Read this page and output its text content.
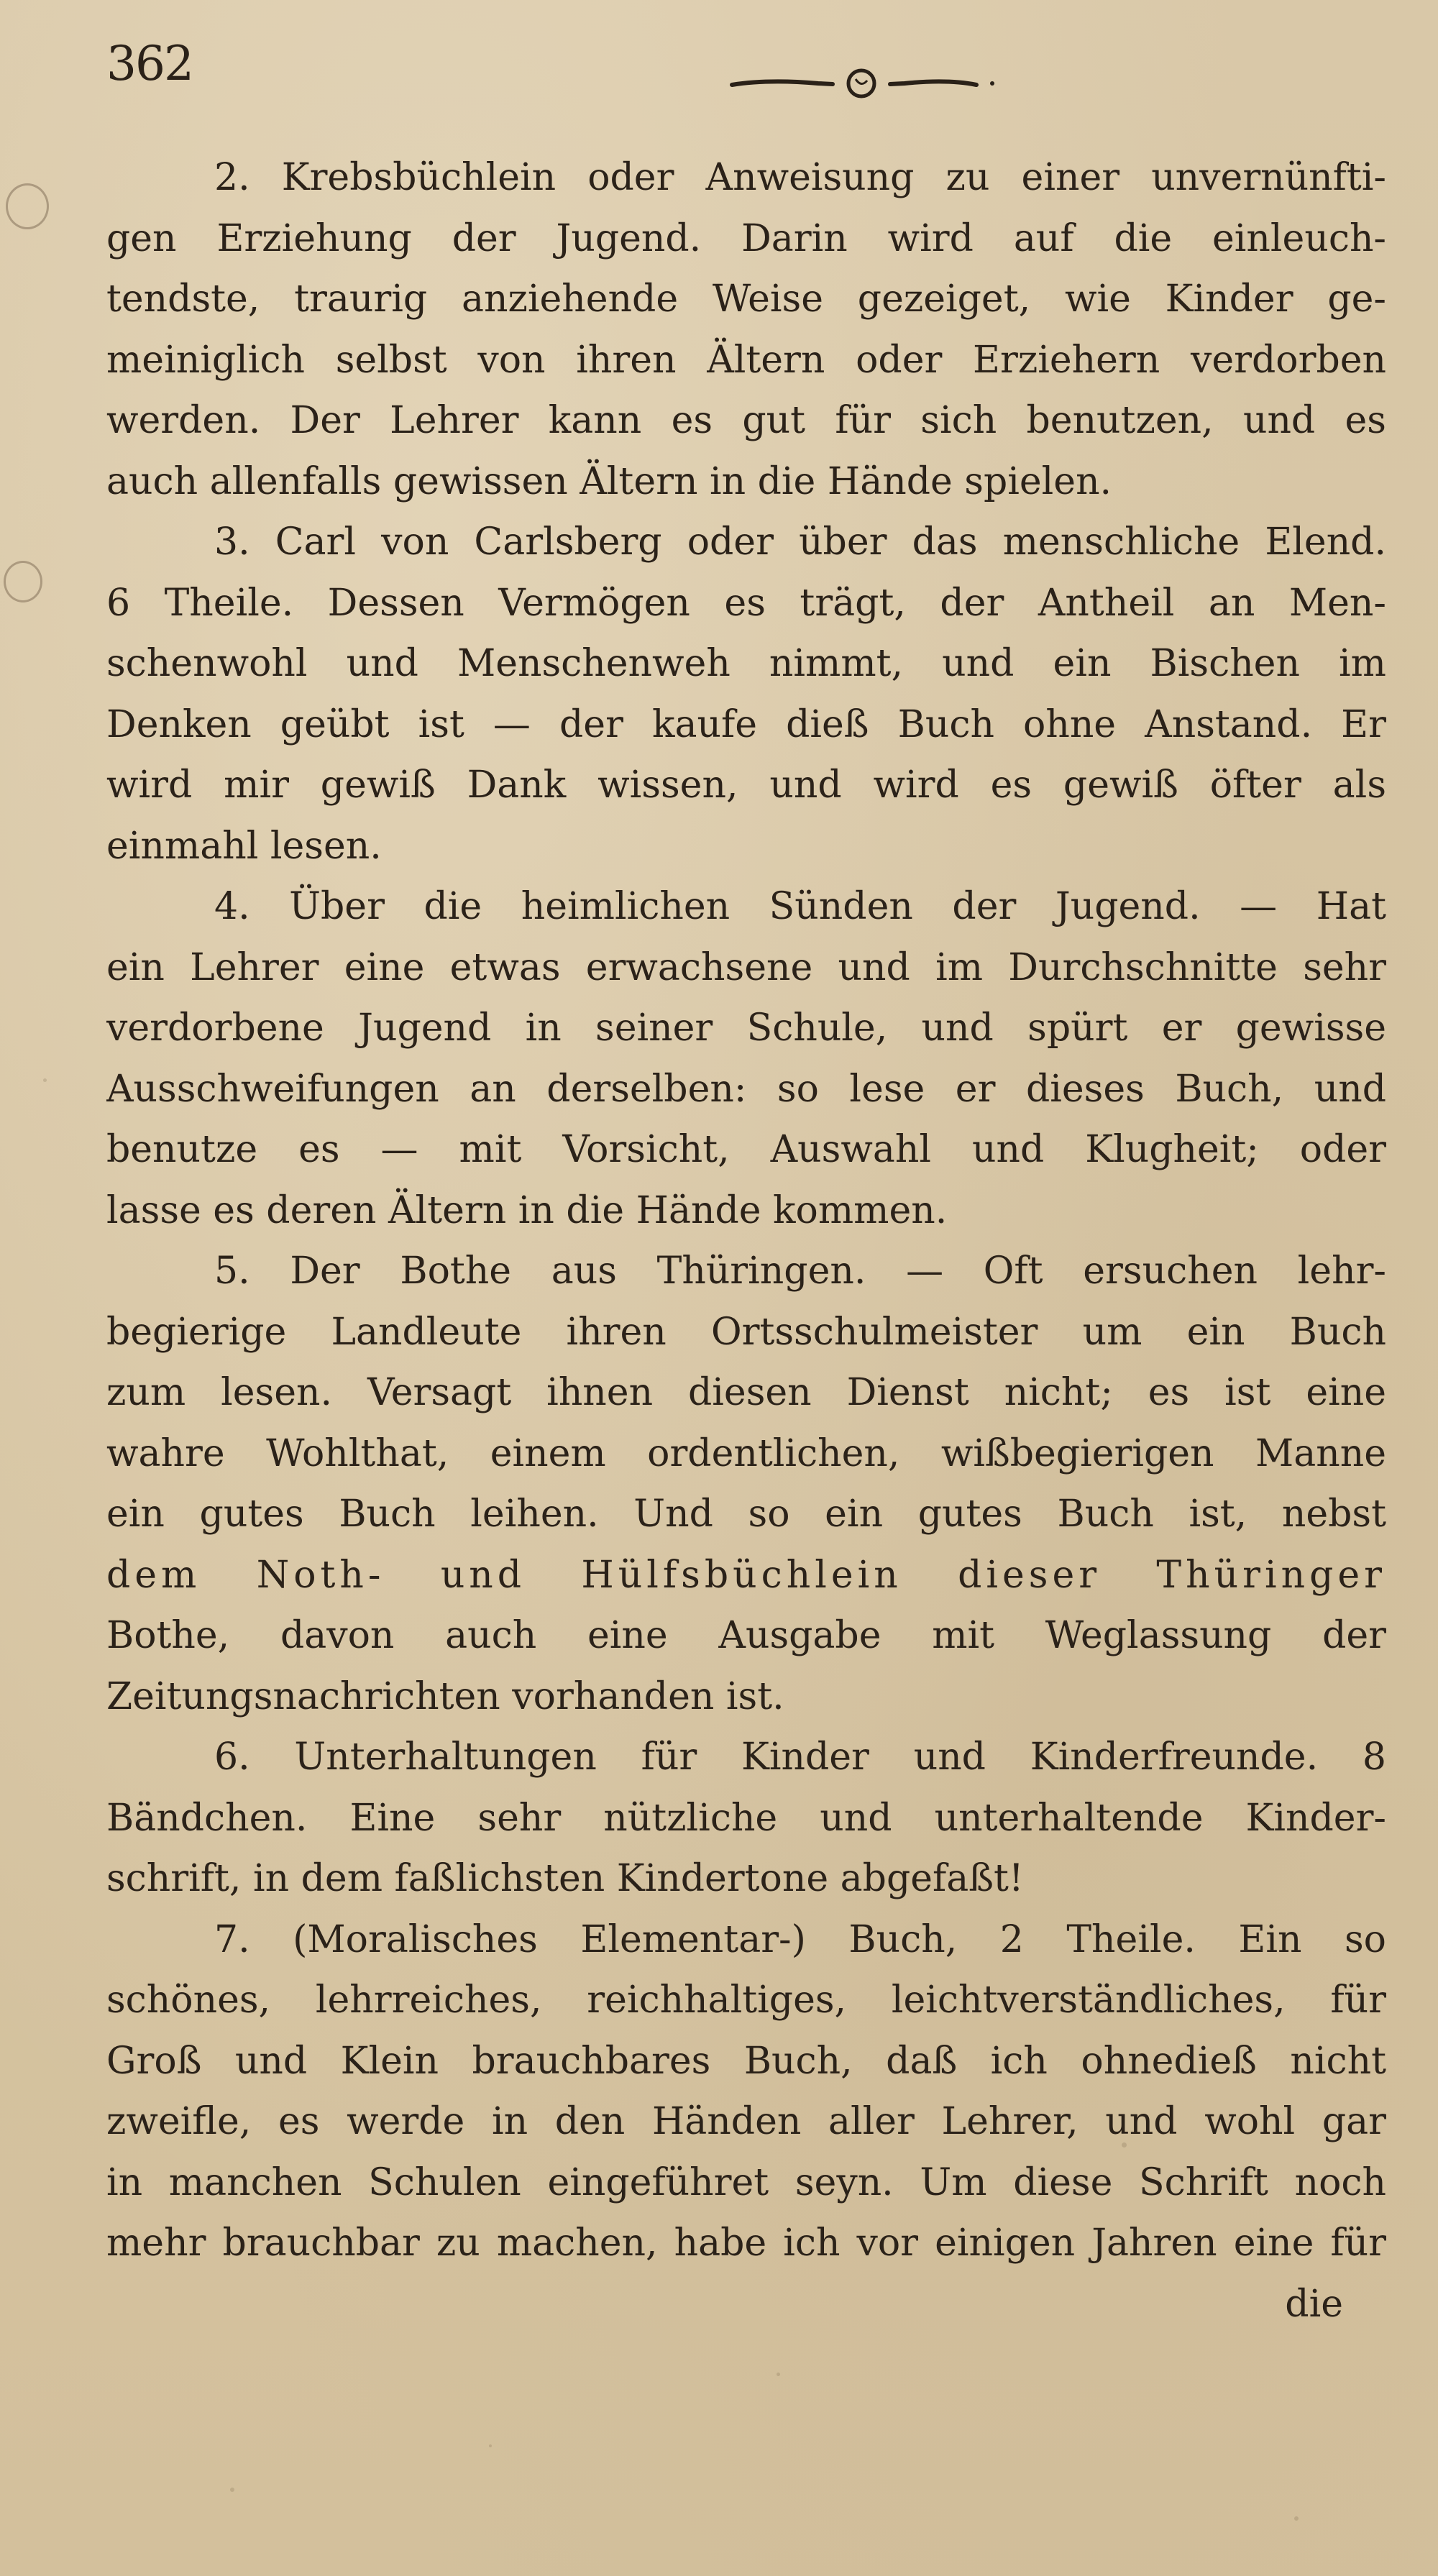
362
2. Krebsbüchlein oder Anweisung zu einer unvernünfti-
gen Erziehung der Jugend. Darin wird auf die einleuch-
tendste, traurig anziehende Weise gezeiget, wie Kinder ge-
meiniglich selbst von ihren Ältern oder Erziehern verdorben
werden. Der Lehrer kann es gut für sich benutzen, und es
auch allenfalls gewissen Ältern in die Hände spielen.
3. Carl von Carlsberg oder über das menschliche Elend.
6 Theile. Dessen Vermögen es trägt, der Antheil an Men-
schenwohl und Menschenweh nimmt, und ein Bischen im
Denken geübt ist — der kaufe dieß Buch ohne Anstand. Er
wird mir gewiß Dank wissen, und wird es gewiß öfter als
einmahl lesen.
4. Über die heimlichen Sünden der Jugend. — Hat
ein Lehrer eine etwas erwachsene und im Durchschnitte sehr
verdorbene Jugend in seiner Schule, und spürt er gewisse
Ausschweifungen an derselben: so lese er dieses Buch, und
benutze es — mit Vorsicht, Auswahl und Klugheit; oder
lasse es deren Ältern in die Hände kommen.
5. Der Bothe aus Thüringen. — Oft ersuchen lehr-
begierige Landleute ihren Ortsschulmeister um ein Buch
zum lesen. Versagt ihnen diesen Dienst nicht; es ist eine
wahre Wohlthat, einem ordentlichen, wißbegierigen Manne
ein gutes Buch leihen. Und so ein gutes Buch ist, nebst
dem Noth- und Hülfsbüchlein dieser Thüringer
Bothe, davon auch eine Ausgabe mit Weglassung der
Zeitungsnachrichten vorhanden ist.
6. Unterhaltungen für Kinder und Kinderfreunde. 8
Bändchen. Eine sehr nützliche und unterhaltende Kinder-
schrift, in dem faßlichsten Kindertone abgefaßt!
7. (Moralisches Elementar-) Buch, 2 Theile. Ein so
schönes, lehrreiches, reichhaltiges, leichtverständliches, für
Groß und Klein brauchbares Buch, daß ich ohnedieß nicht
zweifle, es werde in den Händen aller Lehrer, und wohl gar
in manchen Schulen eingeführet seyn. Um diese Schrift noch
mehr brauchbar zu machen, habe ich vor einigen Jahren eine für
die
